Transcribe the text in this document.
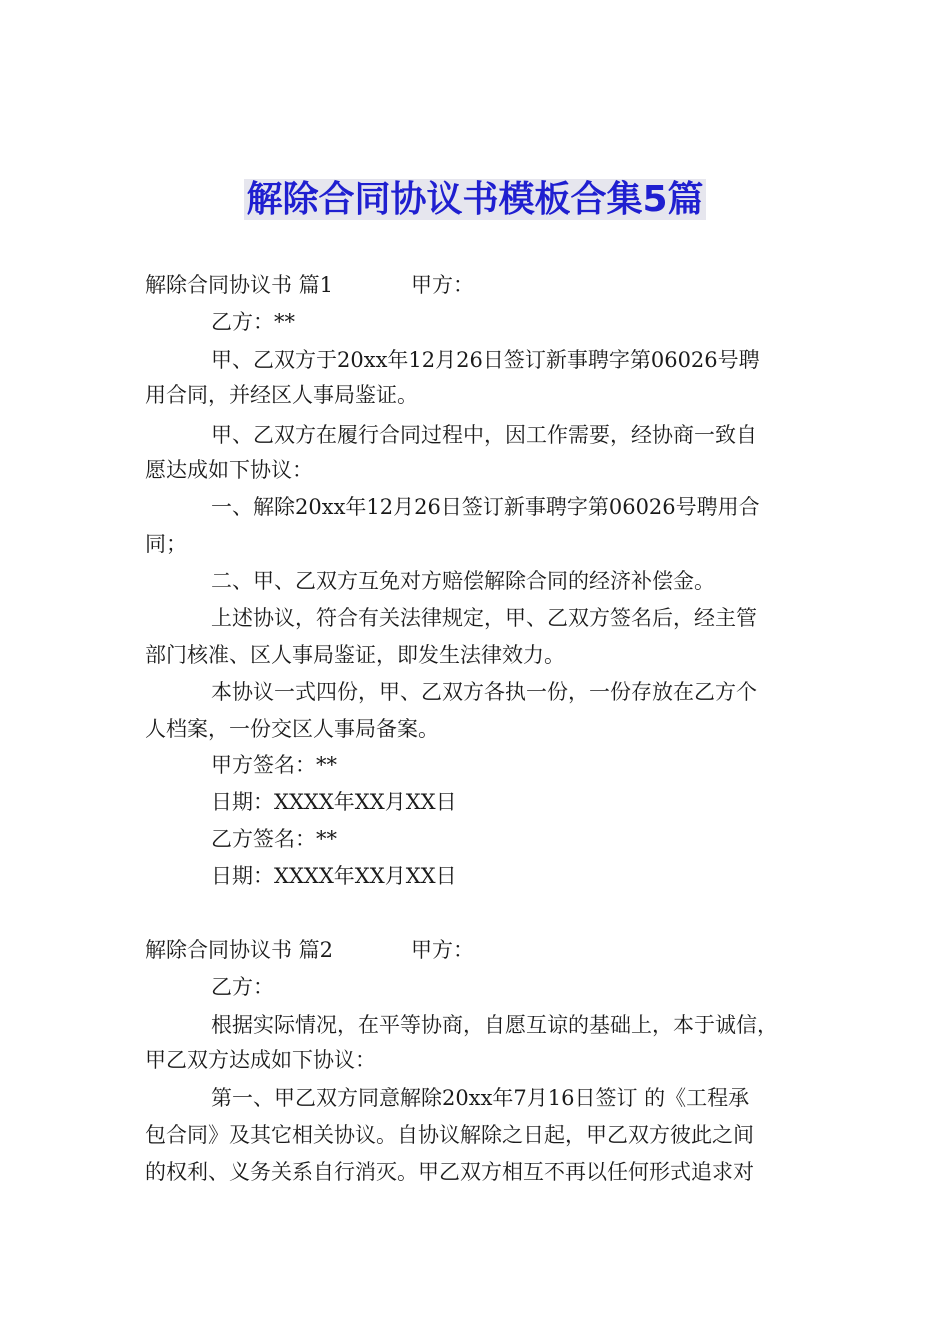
解除合同协议书模板合集5篇
解除合同协议书 篇1	甲方：
乙方：**
甲、乙双方于20xx年12月26日签订新事聘字第06026号聘
用合同，并经区人事局鉴证。
甲、乙双方在履行合同过程中，因工作需要，经协商一致自
愿达成如下协议：
一、解除20xx年12月26日签订新事聘字第06026号聘用合
同；
二、甲、乙双方互免对方赔偿解除合同的经济补偿金。
上述协议，符合有关法律规定，甲、乙双方签名后，经主管
部门核准、区人事局鉴证，即发生法律效力。
本协议一式四份，甲、乙双方各执一份，一份存放在乙方个
人档案，一份交区人事局备案。
甲方签名：**
日期：XXXX年XX月XX日
乙方签名：**
日期：XXXX年XX月XX日
解除合同协议书 篇2	甲方：
乙方：
根据实际情况，在平等协商，自愿互谅的基础上，本于诚信，
甲乙双方达成如下协议：
第一、甲乙双方同意解除20xx年7月16日签订 的《工程承
包合同》及其它相关协议。自协议解除之日起，甲乙双方彼此之间
的权利、义务关系自行消灭。甲乙双方相互不再以任何形式追求对
